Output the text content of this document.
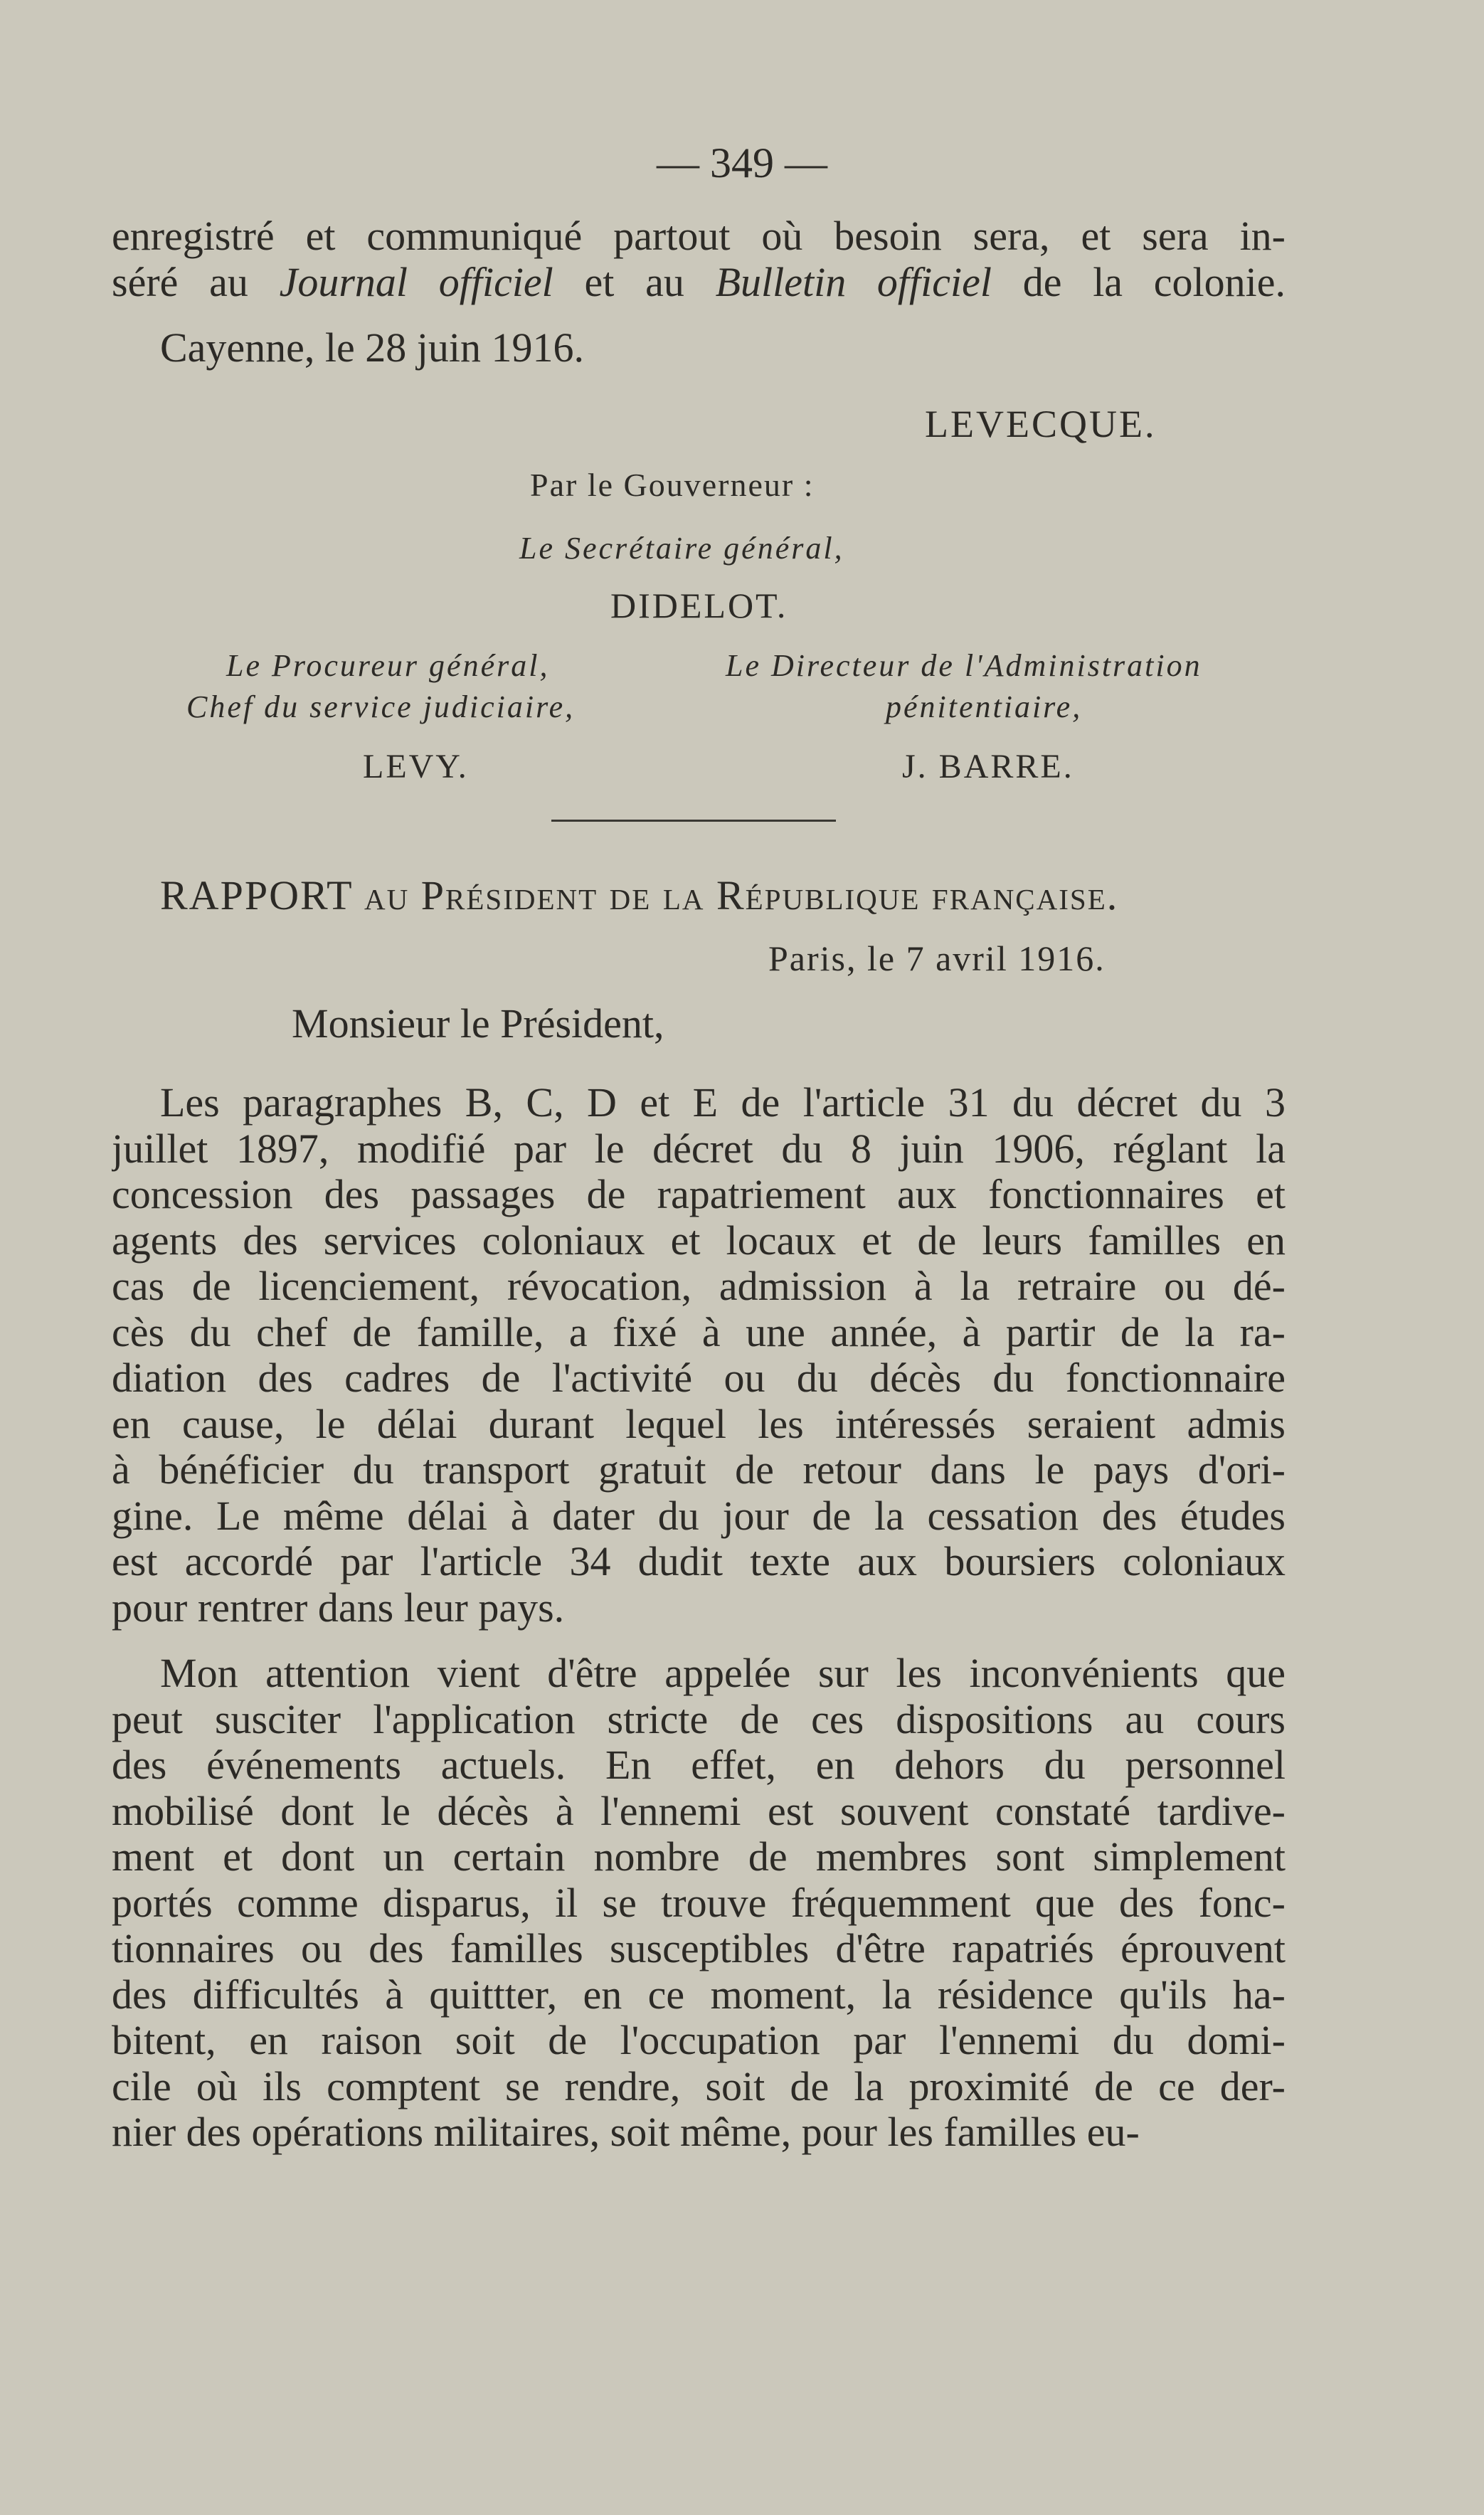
— 349 —
enregistré et communiqué partout où besoin sera, et sera in-
séré au Journal officiel et au Bulletin officiel de la colonie.
Cayenne, le 28 juin 1916.
LEVECQUE.
Par le Gouverneur :
Le Secrétaire général,
DIDELOT.
Le Procureur général,
Chef du service judiciaire,
LEVY.
Le Directeur de l'Administration
pénitentiaire,
J. BARRE.
RAPPORT au Président de la République française.
Paris, le 7 avril 1916.
Monsieur le Président,
Les paragraphes B, C, D et E de l'article 31 du décret du 3
juillet 1897, modifié par le décret du 8 juin 1906, réglant la
concession des passages de rapatriement aux fonctionnaires et
agents des services coloniaux et locaux et de leurs familles en
cas de licenciement, révocation, admission à la retraire ou dé-
cès du chef de famille, a fixé à une année, à partir de la ra-
diation des cadres de l'activité ou du décès du fonctionnaire
en cause, le délai durant lequel les intéressés seraient admis
à bénéficier du transport gratuit de retour dans le pays d'ori-
gine. Le même délai à dater du jour de la cessation des études
est accordé par l'article 34 dudit texte aux boursiers coloniaux
pour rentrer dans leur pays.
Mon attention vient d'être appelée sur les inconvénients que
peut susciter l'application stricte de ces dispositions au cours
des événements actuels. En effet, en dehors du personnel
mobilisé dont le décès à l'ennemi est souvent constaté tardive-
ment et dont un certain nombre de membres sont simplement
portés comme disparus, il se trouve fréquemment que des fonc-
tionnaires ou des familles susceptibles d'être rapatriés éprouvent
des difficultés à quittter, en ce moment, la résidence qu'ils ha-
bitent, en raison soit de l'occupation par l'ennemi du domi-
cile où ils comptent se rendre, soit de la proximité de ce der-
nier des opérations militaires, soit même, pour les familles eu-
